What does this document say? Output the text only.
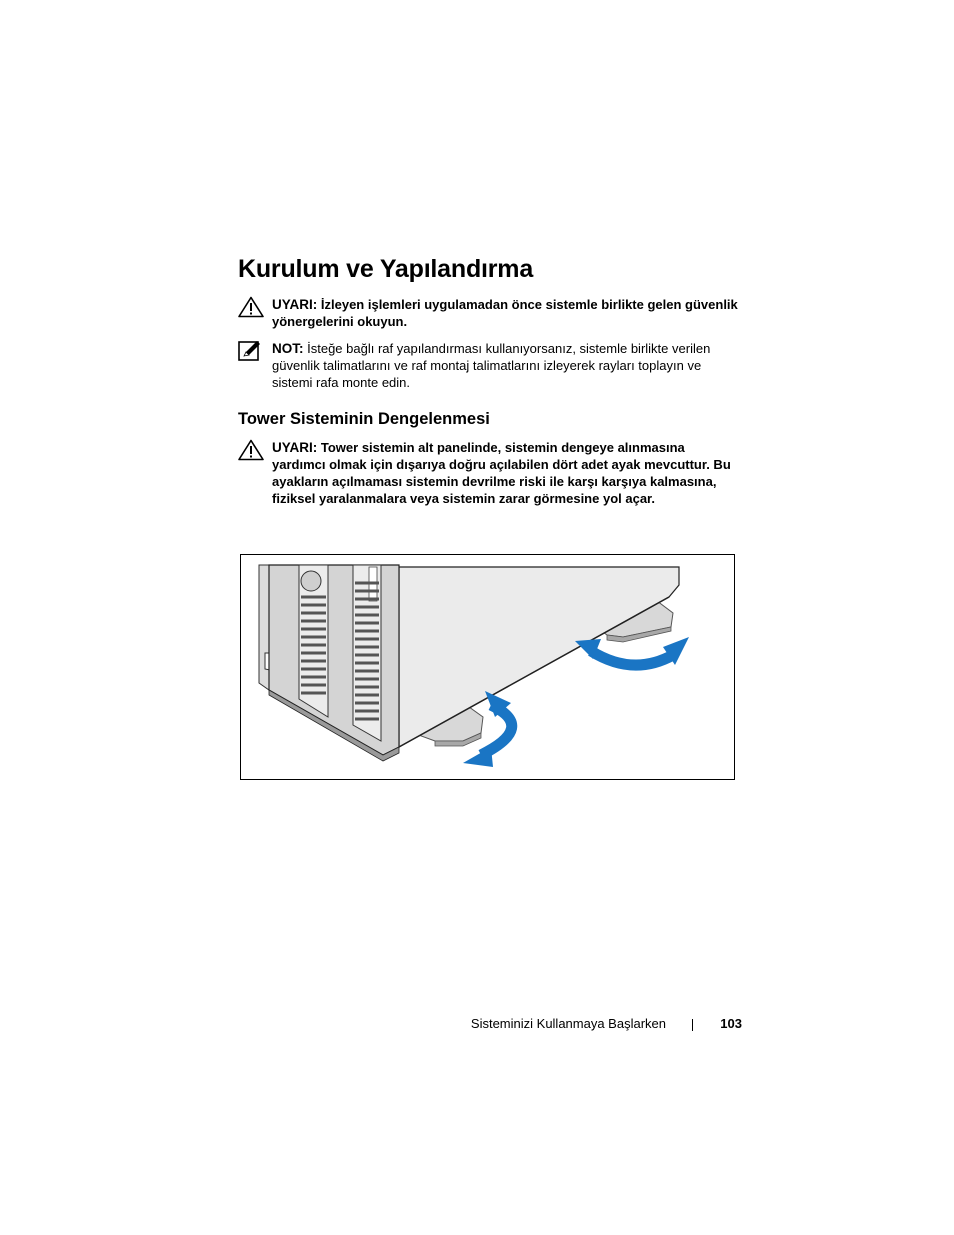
Kurulum ve Yapılandırma
UYARI: İzleyen işlemleri uygulamadan önce sistemle birlikte gelen güvenlik yönergelerini okuyun.
NOT: İsteğe bağlı raf yapılandırması kullanıyorsanız, sistemle birlikte verilen güvenlik talimatlarını ve raf montaj talimatlarını izleyerek rayları toplayın ve sistemi rafa monte edin.
Tower Sisteminin Dengelenmesi
UYARI: Tower sistemin alt panelinde, sistemin dengeye alınmasına yardımcı olmak için dışarıya doğru açılabilen dört adet ayak mevcuttur. Bu ayakların açılmaması sistemin devrilme riski ile karşı karşıya kalmasına, fiziksel yaralanmalara veya sistemin zarar görmesine yol açar.
Sisteminizi Kullanmaya Başlarken	103
